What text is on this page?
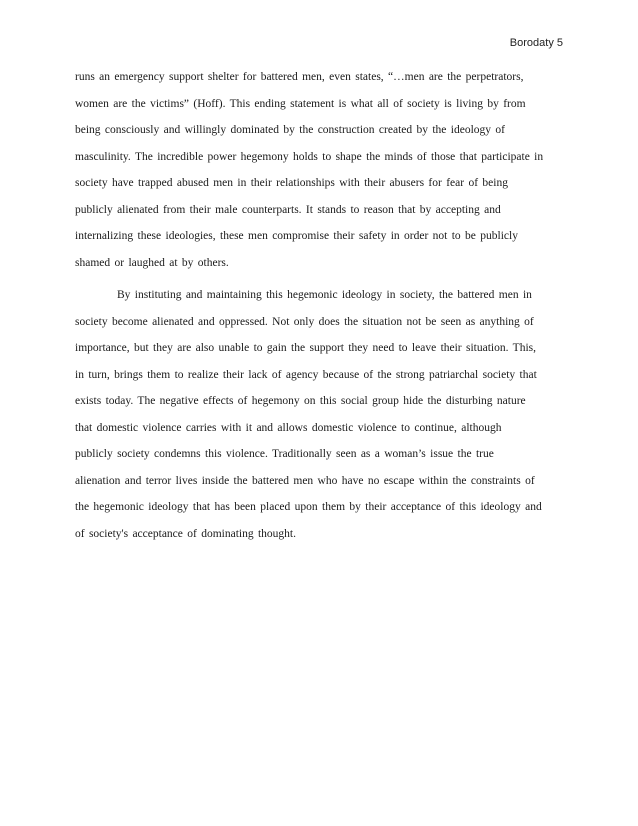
Borodaty 5
runs an emergency support shelter for battered men, even states, “…men are the perpetrators,
women are the victims” (Hoff). This ending statement is what all of society is living by from
being consciously and willingly dominated by the construction created by the ideology of
masculinity. The incredible power hegemony holds to shape the minds of those that participate in
society have trapped abused men in their relationships with their abusers for fear of being
publicly alienated from their male counterparts. It stands to reason that by accepting and
internalizing these ideologies, these men compromise their safety in order not to be publicly
shamed or laughed at by others.
By instituting and maintaining this hegemonic ideology in society, the battered men in
society become alienated and oppressed. Not only does the situation not be seen as anything of
importance, but they are also unable to gain the support they need to leave their situation. This,
in turn, brings them to realize their lack of agency because of the strong patriarchal society that
exists today. The negative effects of hegemony on this social group hide the disturbing nature
that domestic violence carries with it and allows domestic violence to continue, although
publicly society condemns this violence. Traditionally seen as a woman’s issue the true
alienation and terror lives inside the battered men who have no escape within the constraints of
the hegemonic ideology that has been placed upon them by their acceptance of this ideology and
of society's acceptance of dominating thought.
